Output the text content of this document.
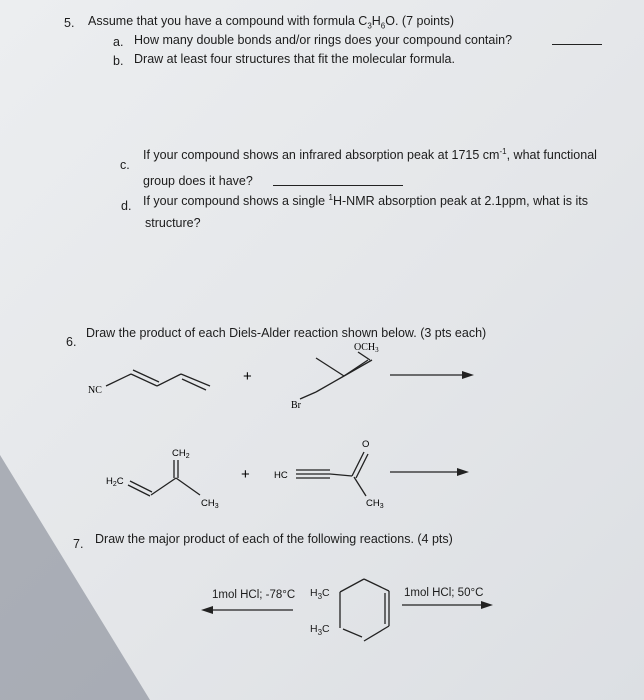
5. Assume that you have a compound with formula $C_3H_6O$. (7 points)
a. How many double bonds and/or rings does your compound contain?
b. Draw at least four structures that fit the molecular formula.
c.
If your compound shows an infrared absorption peak at 1715 $cm^{-1}$, what functional
group does it have?
d. If your compound shows a single $^1$H-NMR absorption peak at 2.1ppm, what is its
structure?
6.
Draw the product of each Diels-Alder reaction shown below. (3 pts each)
NC
+
$OCH_3$
Br
$CH_2$
$H_2C$
$CH_3$
+	HC
O
$CH_3$
7. Draw the major product of each of the following reactions. (4 pts)
1mol HCl; -78°C	1mol HCl; 50°C
$H_3C$
$H_3C$
